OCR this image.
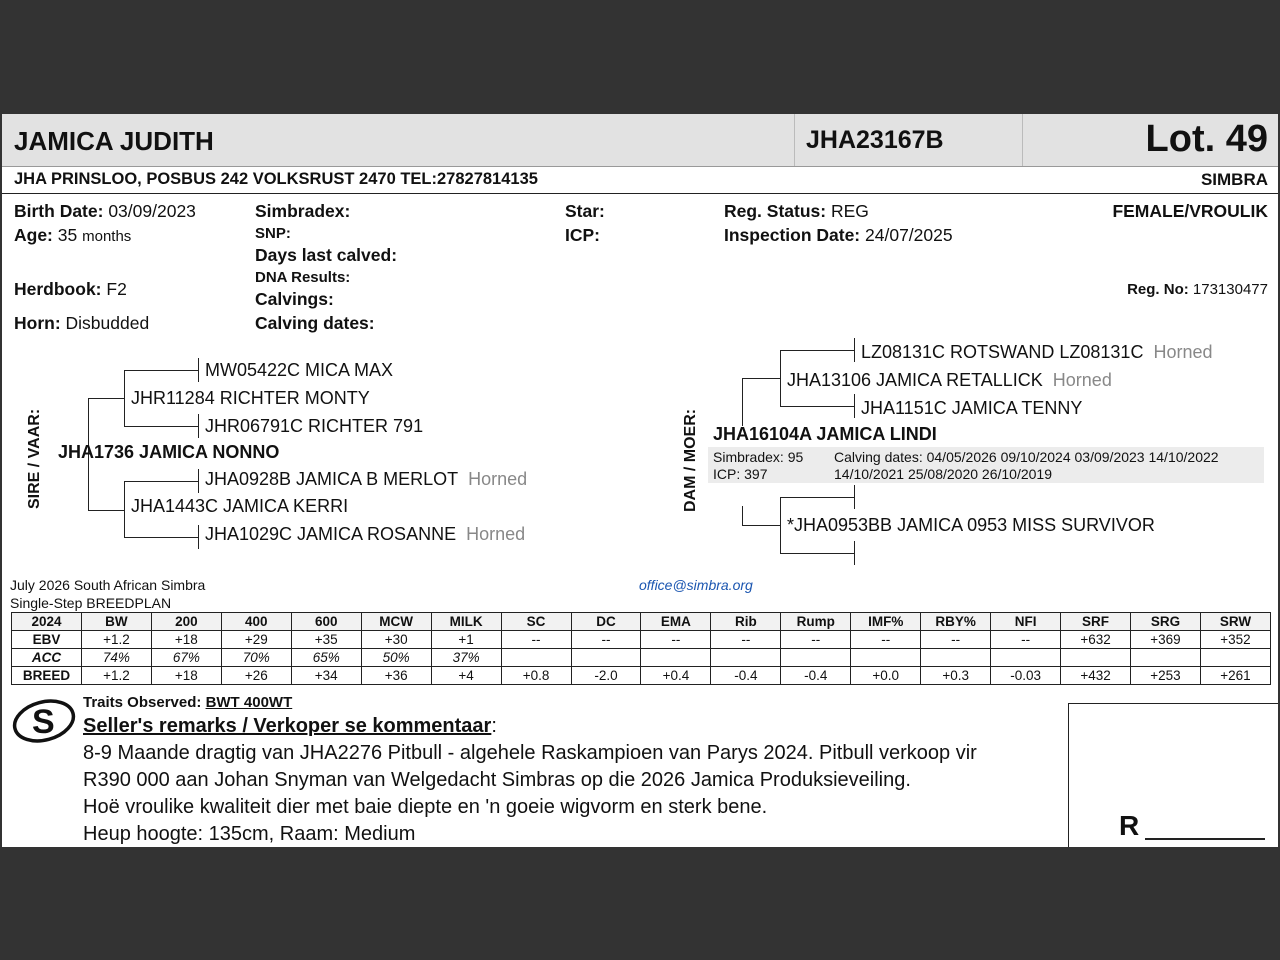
JAMICA JUDITH	JHA23167B	Lot. 49
JHA PRINSLOO, POSBUS 242 VOLKSRUST 2470 TEL:27827814135	SIMBRA
Birth Date: 03/09/2023
Age: 35 months
Herdbook: F2
Horn: Disbudded
Simbradex:
SNP:
Days last calved:
DNA Results:
Calvings:
Calving dates:
Star:
ICP:
Reg. Status: REG
Inspection Date: 24/07/2025
FEMALE/VROULIK
Reg. No: 173130477
SIRE / VAAR:
MW05422C MICA MAX
JHR11284 RICHTER MONTY
JHR06791C RICHTER 791
JHA1736 JAMICA NONNO
JHA0928B JAMICA B MERLOT Horned
JHA1443C JAMICA KERRI
JHA1029C JAMICA ROSANNE Horned
DAM / MOER:
LZ08131C ROTSWAND LZ08131C Horned
JHA13106 JAMICA RETALLICK Horned
JHA1151C JAMICA TENNY
JHA16104A JAMICA LINDI
Simbradex: 95
ICP: 397
Calving dates: 04/05/2026 09/10/2024 03/09/2023 14/10/2022
14/10/2021 25/08/2020 26/10/2019
*JHA0953BB JAMICA 0953 MISS SURVIVOR
July 2026 South African Simbra
Single-Step BREEDPLAN
office@simbra.org
2024	BW	200	400	600	MCW	MILK	SC	DC	EMA	Rib	Rump	IMF%	RBY%	NFI	SRF	SRG	SRW
EBV	+1.2	+18	+29	+35	+30	+1	--	--	--	--	--	--	--	--	+632	+369	+352
ACC	74%	67%	70%	65%	50%	37%											
BREED	+1.2	+18	+26	+34	+36	+4	+0.8	-2.0	+0.4	-0.4	-0.4	+0.0	+0.3	-0.03	+432	+253	+261
S
Traits Observed: BWT 400WT
Seller's remarks / Verkoper se kommentaar:
8-9 Maande dragtig van JHA2276 Pitbull - algehele Raskampioen van Parys 2024. Pitbull verkoop vir
R390 000 aan Johan Snyman van Welgedacht Simbras op die 2026 Jamica Produksieveiling.
Hoë vroulike kwaliteit dier met baie diepte en 'n goeie wigvorm en sterk bene.
Heup hoogte: 135cm, Raam: Medium	R
